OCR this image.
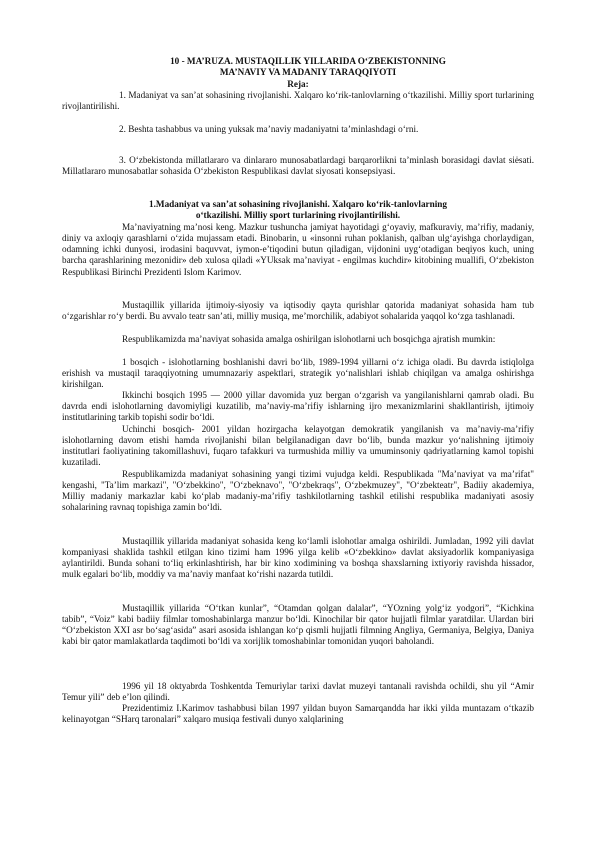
10 - MA’RUZA. MUSTAQILLIK YILLARIDA O‘ZBEKISTONNING
MA’NAVIY VA MADANIY TARAQQIYOTI
Reja:
1. Madaniyat va san’at sohasining rivojlanishi. Xalqaro ko‘rik-tanlovlarning o‘tkazilishi. Milliy sport turlarining rivojlantirilishi.
2. Beshta tashabbus va uning yuksak ma’naviy madaniyatni ta’minlashdagi o‘rni.
3. O‘zbekistonda millatlararo va dinlararo munosabatlardagi barqarorlikni ta’minlash borasidagi davlat siėsati. Millatlararo munosabatlar sohasida O‘zbekiston Respublikasi davlat siyosati konsepsiyasi.
1.Madaniyat va san’at sohasining rivojlanishi. Xalqaro ko‘rik-tanlovlarning
o‘tkazilishi. Milliy sport turlarining rivojlantirilishi.
Ma’naviyatning ma’nosi keng. Mazkur tushuncha jamiyat hayotidagi g‘oyaviy, mafkuraviy, ma’rifiy, madaniy, diniy va axloqiy qarashlarni o‘zida mujassam etadi. Binobarin, u «insonni ruhan poklanish, qalban ulg‘ayishga chorlaydigan, odamning ichki dunyosi, irodasini baquvvat, iymon-e’tiqodini butun qiladigan, vijdonini uyg‘otadigan beqiyos kuch, uning barcha qarashlarining mezonidir» deb xulosa qiladi «YUksak ma’naviyat - engilmas kuchdir» kitobining muallifi, O‘zbekiston Respublikasi Birinchi Prezidenti Islom Karimov.
Mustaqillik yillarida ijtimoiy-siyosiy va iqtisodiy qayta qurishlar qatorida madaniyat sohasida ham tub o‘zgarishlar ro‘y berdi. Bu avvalo teatr san’ati, milliy musiqa, me’morchilik, adabiyot sohalarida yaqqol ko‘zga tashlanadi.
Respublikamizda ma’naviyat sohasida amalga oshirilgan islohotlarni uch bosqichga ajratish mumkin:
1 bosqich - islohotlarning boshlanishi davri bo‘lib, 1989-1994 yillarni o‘z ichiga oladi. Bu davrda istiqlolga erishish va mustaqil taraqqiyotning umumnazariy aspektlari, strategik yo‘nalishlari ishlab chiqilgan va amalga oshirishga kirishilgan.
Ikkinchi bosqich 1995 — 2000 yillar davomida yuz bergan o‘zgarish va yangilanishlarni qamrab oladi. Bu davrda endi islohotlarning davomiyligi kuzatilib, ma’naviy-ma’rifiy ishlarning ijro mexanizmlarini shakllantirish, ijtimoiy institutlarining tarkib topishi sodir bo‘ldi.
Uchinchi bosqich- 2001 yildan hozirgacha kelayotgan demokratik yangilanish va ma’naviy-ma’rifiy islohotlarning davom etishi hamda rivojlanishi bilan belgilanadigan davr bo‘lib, bunda mazkur yo‘nalishning ijtimoiy institutlari faoliyatining takomillashuvi, fuqaro tafakkuri va turmushida milliy va umuminsoniy qadriyatlarning kamol topishi kuzatiladi.
Respublikamizda madaniyat sohasining yangi tizimi vujudga keldi. Respublikada "Ma’naviyat va ma’rifat" kengashi, "Ta’lim markazi", "O‘zbekkino", "O‘zbeknavo", "O‘zbekraqs", O‘zbekmuzey", "O‘zbekteatr", Badiiy akademiya, Milliy madaniy markazlar kabi ko‘plab madaniy-ma’rifiy tashkilotlarning tashkil etilishi respublika madaniyati asosiy sohalarining ravnaq topishiga zamin bo‘ldi.
Mustaqillik yillarida madaniyat sohasida keng ko‘lamli islohotlar amalga oshirildi. Jumladan, 1992 yili davlat kompaniyasi shaklida tashkil etilgan kino tizimi ham 1996 yilga kelib «O‘zbekkino» davlat aksiyadorlik kompaniyasiga aylantirildi. Bunda sohani to‘liq erkinlashtirish, har bir kino xodimining va boshqa shaxslarning ixtiyoriy ravishda hissador, mulk egalari bo‘lib, moddiy va ma’naviy manfaat ko‘rishi nazarda tutildi.
Mustaqillik yillarida “O‘tkan kunlar”, “Otamdan qolgan dalalar”, “YOzning yolg‘iz yodgori”, “Kichkina tabib”, “Voiz” kabi badiiy filmlar tomoshabinlarga manzur bo‘ldi. Kinochilar bir qator hujjatli filmlar yaratdilar. Ulardan biri “O‘zbekiston XXI asr bo‘sag‘asida” asari asosida ishlangan ko‘p qismli hujjatli filmning Angliya, Germaniya, Belgiya, Daniya kabi bir qator mamlakatlarda taqdimoti bo‘ldi va xorijlik tomoshabinlar tomonidan yuqori baholandi.
1996 yil 18 oktyabrda Toshkentda Temuriylar tarixi davlat muzeyi tantanali ravishda ochildi, shu yil “Amir Temur yili” deb e’lon qilindi.
Prezidentimiz I.Karimov tashabbusi bilan 1997 yildan buyon Samarqandda har ikki yilda muntazam o‘tkazib kelinayotgan “SHarq taronalari” xalqaro musiqa festivali dunyo xalqlarining
